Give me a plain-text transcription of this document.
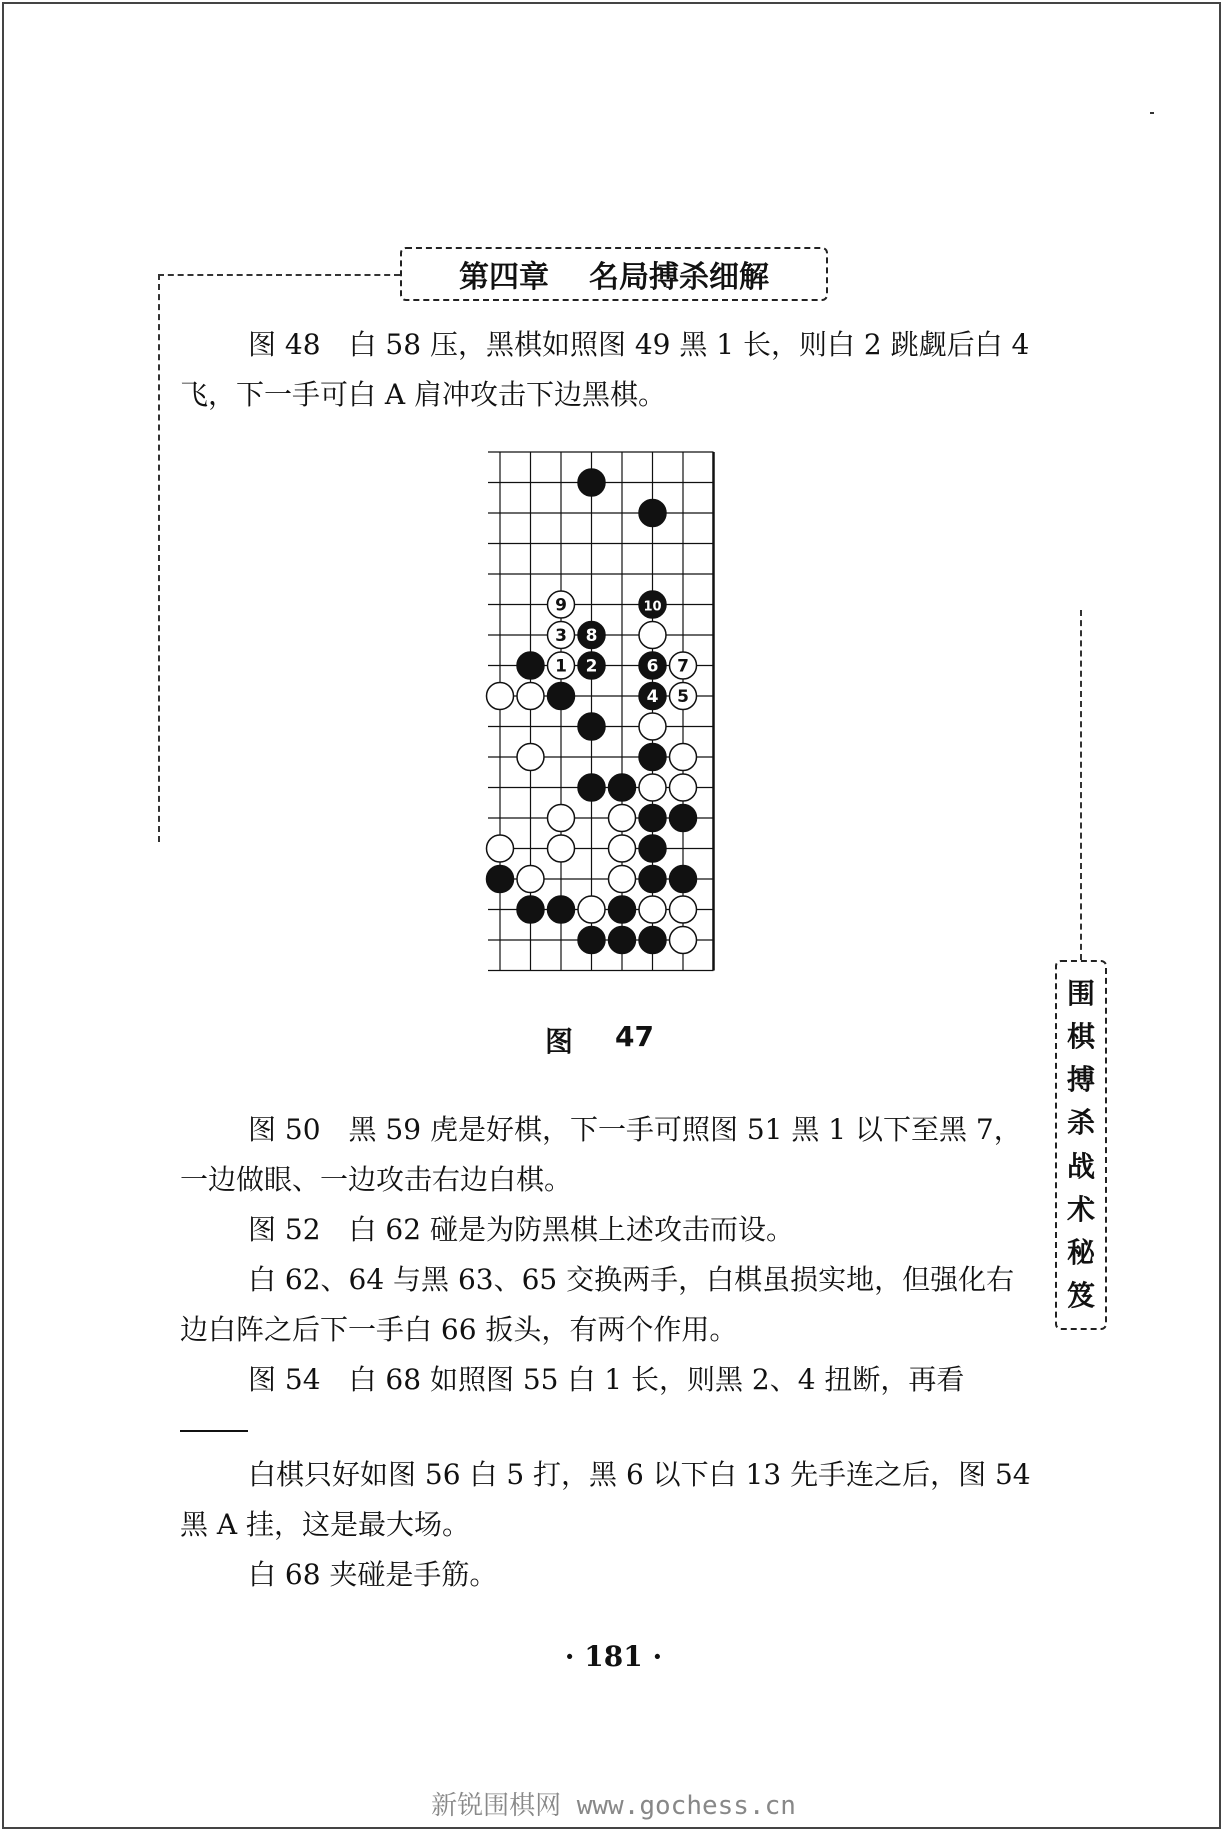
第四章 名局搏杀细解

图 48　白 58 压，黑棋如照图 49 黑 1 长，则白 2 跳觑后白 4 飞，下一手可白 A 肩冲攻击下边黑棋。

9	10
3 8
1 2	6 7
4 5
图 47

图 50　黑 59 虎是好棋，下一手可照图 51 黑 1 以下至黑 7，一边做眼、一边攻击右边白棋。

图 52　白 62 碰是为防黑棋上述攻击而设。

白 62、64 与黑 63、65 交换两手，白棋虽损实地，但强化右边白阵之后下一手白 66 扳头，有两个作用。

图 54　白 68 如照图 55 白 1 长，则黑 2、4 扭断，再看

白棋只好如图 56 白 5 打，黑 6 以下白 13 先手连之后，图 54 黑 A 挂，这是最大场。

白 68 夹碰是手筋。

围
棋
搏
杀
战
术
秘
笈
· 181 ·
新锐围棋网 www.gochess.cn
